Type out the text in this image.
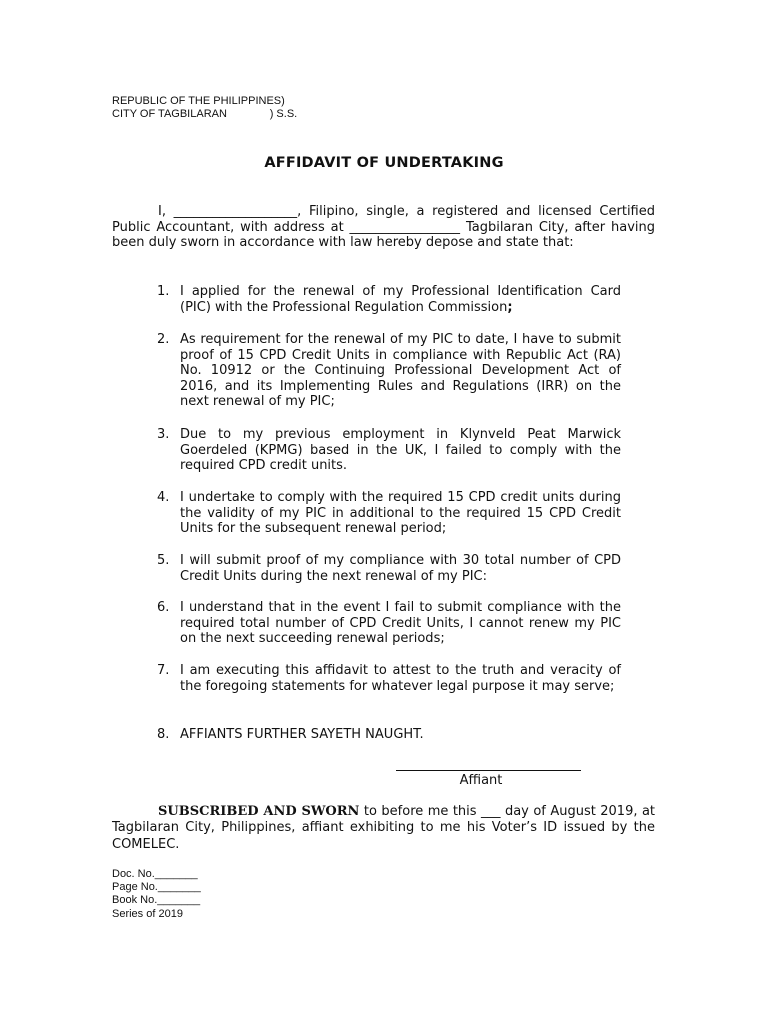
REPUBLIC OF THE PHILIPPINES)
CITY OF TAGBILARAN              ) S.S.
AFFIDAVIT OF UNDERTAKING

I, ___________________, Filipino, single, a registered and licensed Certified Public Accountant, with address at _________________ Tagbilaran City, after having been duly sworn in accordance with law hereby depose and state that:

1. I applied for the renewal of my Professional Identification Card (PIC) with the Professional Regulation Commission;
2. As requirement for the renewal of my PIC to date, I have to submit proof of 15 CPD Credit Units in compliance with Republic Act (RA) No. 10912 or the Continuing Professional Development Act of 2016, and its Implementing Rules and Regulations (IRR) on the next renewal of my PIC;
3. Due to my previous employment in Klynveld Peat Marwick Goerdeled (KPMG) based in the UK, I failed to comply with the required CPD credit units.
4. I undertake to comply with the required 15 CPD credit units during the validity of my PIC in additional to the required 15 CPD Credit Units for the subsequent renewal period;
5. I will submit proof of my compliance with 30 total number of CPD Credit Units during the next renewal of my PIC:
6. I understand that in the event I fail to submit compliance with the required total number of CPD Credit Units, I cannot renew my PIC on the next succeeding renewal periods;
7. I am executing this affidavit to attest to the truth and veracity of the foregoing statements for whatever legal purpose it may serve;
8. AFFIANTS FURTHER SAYETH NAUGHT.
Affiant

SUBSCRIBED AND SWORN to before me this ___ day of August 2019, at Tagbilaran City, Philippines, affiant exhibiting to me his Voter’s ID issued by the COMELEC.

Doc. No._______
Page No._______
Book No._______
Series of 2019
